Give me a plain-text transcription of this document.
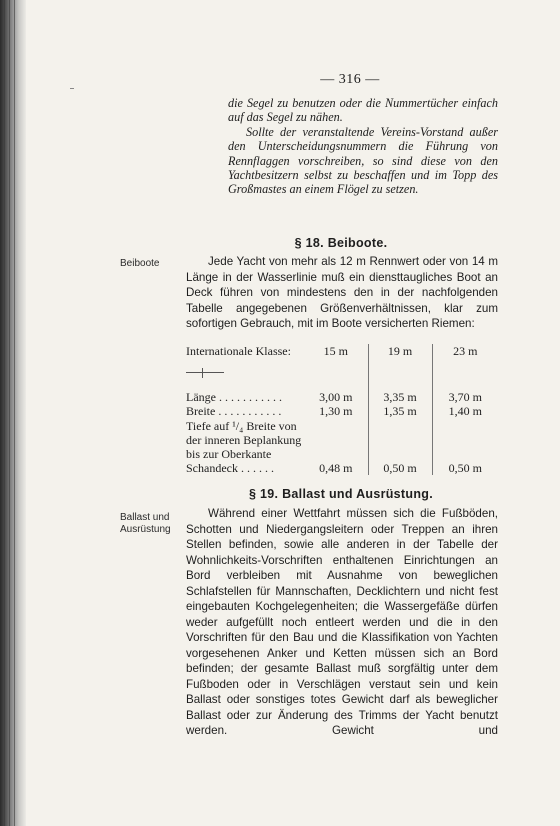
— 316 —

die Segel zu benutzen oder die Nummertücher einfach auf das Segel zu nähen.

Sollte der veranstaltende Vereins-Vorstand außer den Unterscheidungsnummern die Führung von Rennflaggen vorschreiben, so sind diese von den Yachtbesitzern selbst zu beschaffen und im Topp des Großmastes an einem Flögel zu setzen.

§ 18. Beiboote.
Beiboote	Jede Yacht von mehr als 12 m Rennwert oder von 14 m Länge in der Wasserlinie muß ein diensttaugliches Boot an Deck führen von mindestens den in der nachfolgenden Tabelle angegebenen Größenverhältnissen, klar zum sofortigen Gebrauch, mit im Boote versicherten Riemen:
Internationale Klasse:	15 m	19 m	23 m

Länge . . . . . . . . . . .	3,00 m	3,35 m	3,70 m
Breite . . . . . . . . . . .	1,30 m	1,35 m	1,40 m
Tiefe auf ¹/₄ Breite von der inneren Beplankung bis zur Oberkante Schandeck . . . . . .	0,48 m	0,50 m	0,50 m
§ 19. Ballast und Ausrüstung.
Ballast und
Ausrüstung
Während einer Wettfahrt müssen sich die Fußböden, Schotten und Niedergangsleitern oder Treppen an ihren Stellen befinden, sowie alle anderen in der Tabelle der Wohnlichkeits-Vorschriften enthaltenen Einrichtungen an Bord verbleiben mit Ausnahme von beweglichen Schlafstellen für Mannschaften, Decklichtern und nicht fest eingebauten Kochgelegenheiten; die Wassergefäße dürfen weder aufgefüllt noch entleert werden und die in den Vorschriften für den Bau und die Klassifikation von Yachten vorgesehenen Anker und Ketten müssen sich an Bord befinden; der gesamte Ballast muß sorgfältig unter dem Fußboden oder in Verschlägen verstaut sein und kein Ballast oder sonstiges totes Gewicht darf als beweglicher Ballast oder zur Änderung des Trimms der Yacht benutzt werden. Gewicht und
